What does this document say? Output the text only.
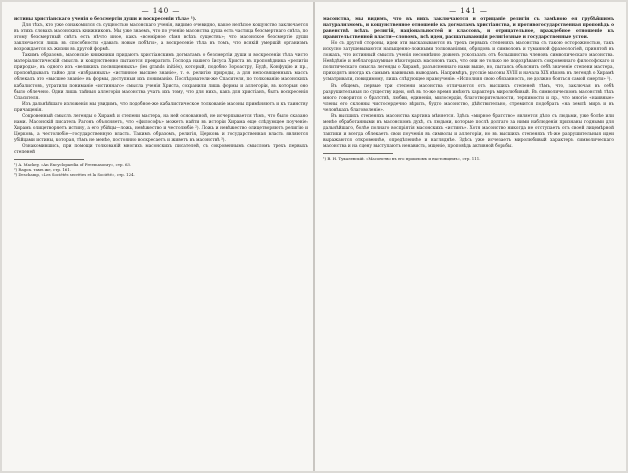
— 140 —

истины христіанскаго ученія о безсмертіи души и воскресеніи тѣла» ¹).

Для тѣхъ, кто уже ознакомился съ сущностью масонскаго ученія, видимо очевидно, какое нелѣпое кощунство заключается въ этихъ словахъ масонскихъ книжниковъ. Мы уже знаемъ, что по ученію масонства душа есть частица безсмертнаго свѣта, по этому безсмертный свѣтъ есть нѣчто иное, какъ «всемірное сѣмя всѣхъ существъ»; что масонское безсмертіе души заключается лишь въ способности «давать новые побѣги», а воскресеніе тѣла въ томъ, что всякій умершій организмъ возрождается къ жизни въ другой формѣ.

Такимъ образомъ, масонскіе книжники придаютъ христіанскимъ догматамъ о безсмертіи души и воскресеніи тѣла чисто матеріалистическій смыслъ и кощунственно пытаются превратить Господа нашего Іисуса Христа въ проповѣдника «религіи природы», въ одного изъ «великихъ посвященныхъ» (les grands initiés), который, подобно Зороастру, Будѣ, Конфуцію и пр., проповѣдывалъ тайно для «избранныхъ» «истинное высшее знаніе», т. е. религію природы, а для непосвященныхъ массъ облекалъ это «высшее знаніе» въ формы, доступныя ихъ пониманію. Послѣдователи-же Спасителя, по толкованію масонскихъ кабалистовъ, утратили пониманіе «истиннаго» смысла ученія Христа, сохранили лишь формы и аллегоріи, въ которыя оно было облечено. Одни лишь тайныя аллегоріи масонства учатъ ихъ тому, что для нихъ, какъ для христіанъ, бытъ воскресенія Спасителя.

Изъ дальнѣйшаго изложенія мы увидимъ, что подобное-же кабалистическое толкованіе масоны примѣняютъ и къ таинству причащенія.

Сокровенный смыслъ легенды о Хирамѣ и степени мастера, на ней основанной, не исчерпывается тѣмъ, что было сказано нами. Масонскій писатель Рагонъ объясняетъ, что «философъ» можетъ найти въ исторіи Хирама еще слѣдующее поученіе: Хирамъ олицетворяетъ истину, а его убійцы—ложь, невѣжество и честолюбіе ²). Ложь и невѣжество олицетворяютъ религію и Церковь, а честолюбіе—государственную власть. Такимъ образомъ, религія, Церковь и государственная власть являются убійцами истины, которая, тѣмъ не менѣе, постоянно воскресаетъ и живетъ въ масонствѣ ³).

Ознакомившись, при помощи толкованій многихъ масонскихъ писателей, съ сокровеннымъ смысломъ трехъ первыхъ степеней

¹) A. Mackey, «An Encyclopaedia of Freemasonry», стр. 63.
²) Ragon. тамъ же, стр. 161.
³) Deschamp, «Les Sociétés secrètes et la Société», стр. 124.
— 141 —

масонства, мы видимъ, что въ нихъ заключаются и отрицаніе религіи съ замѣною ея грубѣйшимъ натурализмомъ, и кощунственное отношеніе къ догматамъ христіанства, и противогосударственная проповѣдь о равенствѣ всѣхъ религій, національностей и классовъ, и отрицательное, враждебное отношеніе къ правительственной власти—словомъ, всѣ идеи, расшатывающія религіозные и государственные устои.

Но съ другой стороны, идеи эти высказываются въ трехъ первыхъ степеняхъ масонства съ такою осторожностью, такъ искусно затушевываются напыщенно-ложными толкованіями, обрядовъ и символовъ и туманной фразеологіей, принятой въ ложахъ, что истинный смыслъ ученія несомнѣнно доженъ ускользать отъ большинства членовъ символическаго масонства. Невѣдѣніе и неблагоразумные нѣкоторыхъ масоновъ такъ, что они не только не подозрѣваютъ сокровеннаго философскаго и политическаго смысла легенды о Хирамѣ, разъясненнаго нами выше, но, пытаясь объяснить себѣ значеніе степени мастера, приходятъ иногда къ самымъ наивнымъ выводамъ. Напримѣръ, русскіе масоны XVIII и начала XIX вѣковъ въ легендѣ о Хирамѣ усматривали, повидимому, лишь слѣдующее нравоученіе: «Исполняя свою обязанность, не должно бояться самой смерти» ¹).

Въ общемъ, первые три степени масонства отличаются отъ высшихъ степеней тѣмъ, что, заключая въ себѣ разрушительныя по существу идеи, онѣ въ то-же время имѣютъ характеръ миролюбивый. Въ символическомъ масонствѣ тѣхъ много говорится о братствѣ, любви, единеніи, милосердіи, благотворительности, терпимости и пр., что многіе «наивные» члены его склонны чистосердечно вѣрить, будто масонство, дѣйствительно, стремится подобрать «на землѣ миръ и въ человѣкахъ благоволеніе».

Въ высшихъ степеняхъ масонства картина мѣняется. Здѣсь «мирное братство» является дѣло съ людьми, уже болѣе или менѣе обработанными въ масонскомъ духѣ, съ людьми, которые послѣ долгаго за ними наблюденія признаны годными для дальнѣйшаго, болѣе полнаго воспріятія масонскихъ «истинъ». Хотя масонство никогда не отступаетъ отъ своей лицемѣрной тактики и всегда облекаетъ свои поученія въ символы и аллегоріи, но въ высшихъ степеняхъ тѣ-же разрушительныя идеи выражаются откровеннѣе, опредѣленнѣе и нагляднѣе. Здѣсь уже исчезаетъ миролюбивый характеръ символическаго масонства и на сцену выступаютъ ненависть, мщеніе, проповѣдь активной борьбы.

¹) В. Н. Тукалевскій. «Масонство въ его прошломъ и настоящемъ», стр. 111.
